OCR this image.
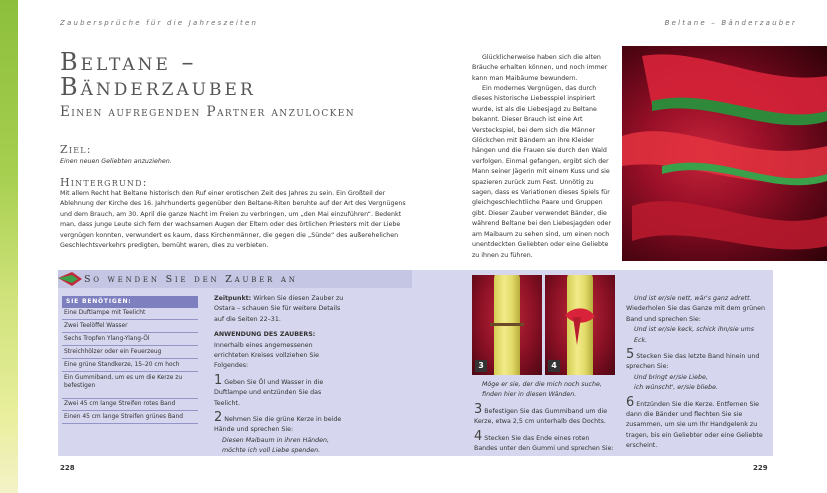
Zaubersprüche für die Jahreszeiten	Beltane – Bänderzauber
Beltane – Bänderzauber
Einen aufregenden Partner anzulocken
Ziel:
Einen neuen Geliebten anzuziehen.
Hintergrund:
Mit allem Recht hat Beltane historisch den Ruf einer erotischen Zeit des Jahres zu sein. Ein Großteil der Ablehnung der Kirche des 16. Jahrhunderts gegenüber den Beltane-Riten beruhte auf der Art des Vergnügens und dem Brauch, am 30. April die ganze Nacht im Freien zu verbringen, um „den Mai einzuführen“. Bedenkt man, dass junge Leute sich fern der wachsamen Augen der Eltern oder des örtlichen Priesters mit der Liebe vergnügen konnten, verwundert es kaum, dass Kirchenmänner, die gegen die „Sünde“ des außerehelichen Geschlechtsverkehrs predigten, bemüht waren, dies zu verbieten.
Glücklicherweise haben sich die alten Bräuche erhalten können, und noch immer kann man Maibäume bewundern.
Ein modernes Vergnügen, das durch dieses historische Liebesspiel inspiriert wurde, ist als die Liebesjagd zu Beltane bekannt. Dieser Brauch ist eine Art Versteckspiel, bei dem sich die Männer Glöckchen mit Bändern an ihre Kleider hängen und die Frauen sie durch den Wald verfolgen. Einmal gefangen, ergibt sich der Mann seiner Jägerin mit einem Kuss und sie spazieren zurück zum Fest. Unnötig zu sagen, dass es Variationen dieses Spiels für gleichgeschlechtliche Paare und Gruppen gibt. Dieser Zauber verwendet Bänder, die während Beltane bei den Liebesjagden oder am Maibaum zu sehen sind, um einen noch unentdeckten Geliebten oder eine Geliebte zu ihnen zu führen.
So wenden Sie den Zauber an
SIE BENÖTIGEN:
Eine Duftlampe mit Teelicht
Zwei Teelöffel Wasser
Sechs Tropfen Ylang-Ylang-Öl
Streichhölzer oder ein Feuerzeug
Eine grüne Standkerze, 15–20 cm hoch
Ein Gummiband, um es um die Kerze zu befestigen
Zwei 45 cm lange Streifen rotes Band
Einen 45 cm lange Streifen grünes Band
Zeitpunkt: Wirken Sie diesen Zauber zu Ostara – schauen Sie für weitere Details auf die Seiten 22–31.
ANWENDUNG DES ZAUBERS:
Innerhalb eines angemessenen errichteten Kreises vollziehen Sie Folgendes:
1 Geben Sie Öl und Wasser in die Duftlampe und entzünden Sie das Teelicht.
2 Nehmen Sie die grüne Kerze in beide Hände und sprechen Sie:
Diesen Maibaum in ihren Händen,
möchte ich voll Liebe spenden.
3	4
Möge er sie, der die mich noch suche,
finden hier in diesen Wänden.
3 Befestigen Sie das Gummiband um die Kerze, etwa 2,5 cm unterhalb des Dochts.
4 Stecken Sie das Ende eines roten Bandes unter den Gummi und sprechen Sie:
Und ist er/sie nett, wär's ganz adrett.
Wiederholen Sie das Ganze mit dem grünen Band und sprechen Sie:
Und ist er/sie keck, schick ihn/sie ums Eck.
5 Stecken Sie das letzte Band hinein und sprechen Sie:
Und bringt er/sie Liebe,
ich wünscht', er/sie bliebe.
6 Entzünden Sie die Kerze. Entfernen Sie dann die Bänder und flechten Sie sie zusammen, um sie um Ihr Handgelenk zu tragen, bis ein Geliebter oder eine Geliebte erscheint.
228	229
